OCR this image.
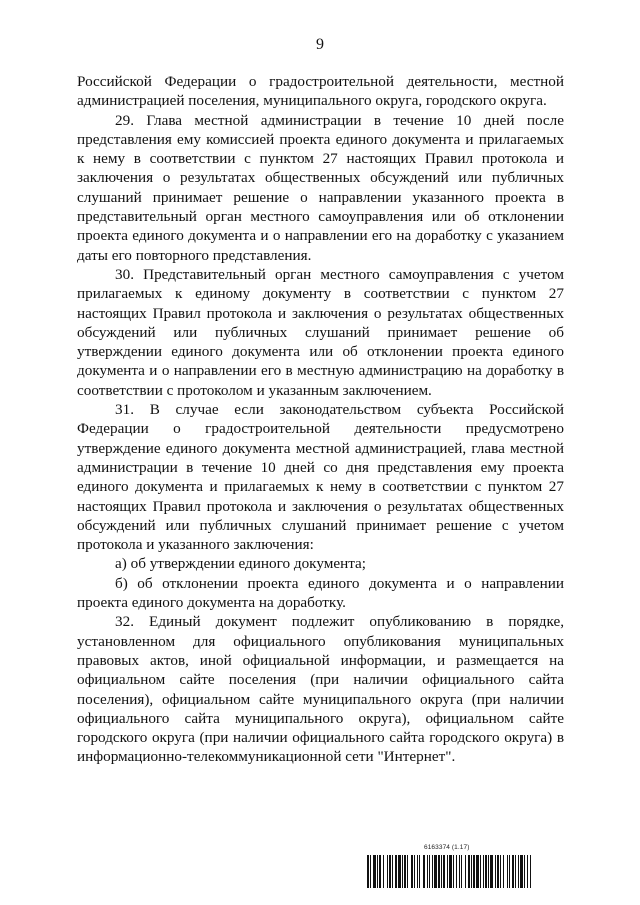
9

Российской Федерации о градостроительной деятельности, местной администрацией поселения, муниципального округа, городского округа.

29. Глава местной администрации в течение 10 дней после представления ему комиссией проекта единого документа и прилагаемых к нему в соответствии с пунктом 27 настоящих Правил протокола и заключения о результатах общественных обсуждений или публичных слушаний принимает решение о направлении указанного проекта в представительный орган местного самоуправления или об отклонении проекта единого документа и о направлении его на доработку с указанием даты его повторного представления.

30. Представительный орган местного самоуправления с учетом прилагаемых к единому документу в соответствии с пунктом 27 настоящих Правил протокола и заключения о результатах общественных обсуждений или публичных слушаний принимает решение об утверждении единого документа или об отклонении проекта единого документа и о направлении его в местную администрацию на доработку в соответствии с протоколом и указанным заключением.

31. В случае если законодательством субъекта Российской Федерации о градостроительной деятельности предусмотрено утверждение единого документа местной администрацией, глава местной администрации в течение 10 дней со дня представления ему проекта единого документа и прилагаемых к нему в соответствии с пунктом 27 настоящих Правил протокола и заключения о результатах общественных обсуждений или публичных слушаний принимает решение с учетом протокола и указанного заключения:

а) об утверждении единого документа;

б) об отклонении проекта единого документа и о направлении проекта единого документа на доработку.

32. Единый документ подлежит опубликованию в порядке, установленном для официального опубликования муниципальных правовых актов, иной официальной информации, и размещается на официальном сайте поселения (при наличии официального сайта поселения), официальном сайте муниципального округа (при наличии официального сайта муниципального округа), официальном сайте городского округа (при наличии официального сайта городского округа) в информационно-телекоммуникационной сети "Интернет".

6163374 (1.17)
